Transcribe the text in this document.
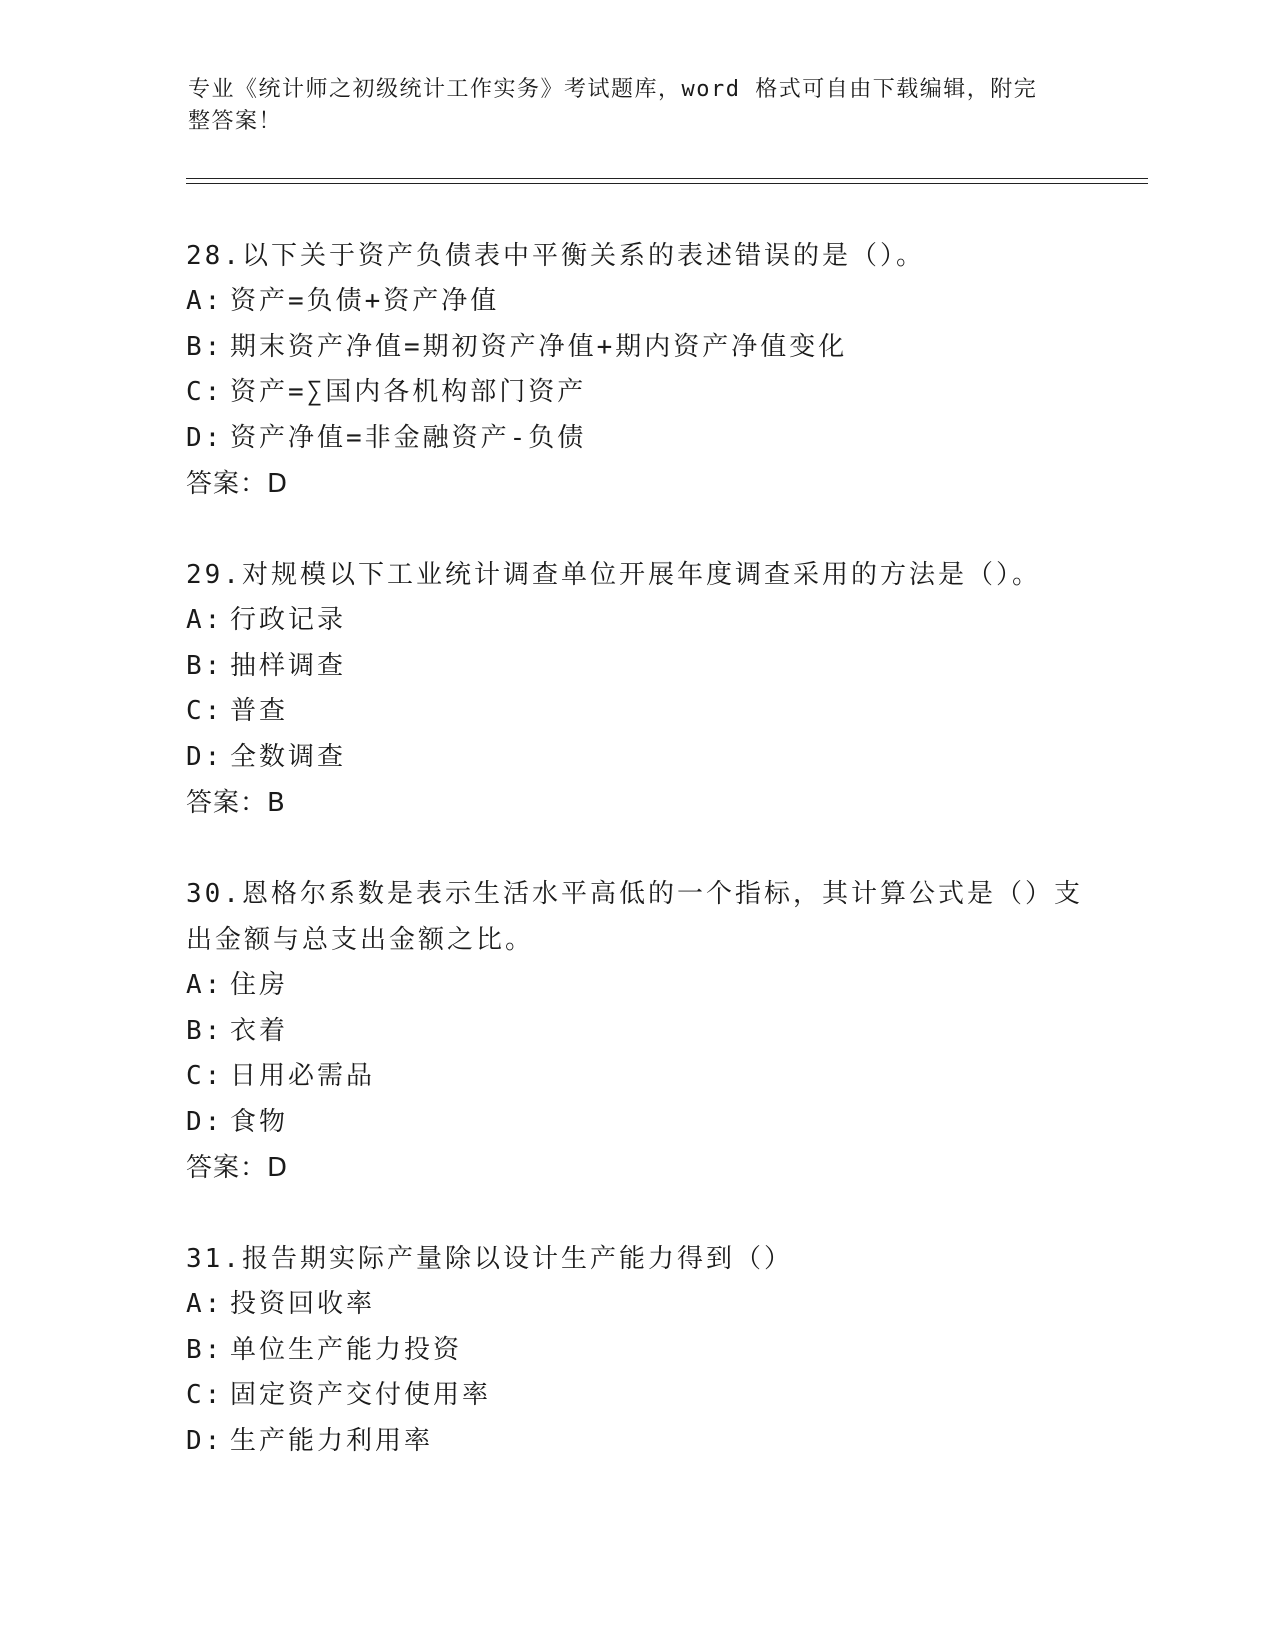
专业《统计师之初级统计工作实务》考试题库，word 格式可自由下载编辑，附完
整答案！

28.以下关于资产负债表中平衡关系的表述错误的是（）。

A: 资产=负债+资产净值

B: 期末资产净值=期初资产净值+期内资产净值变化

C: 资产=∑国内各机构部门资产

D: 资产净值=非金融资产-负债

答案：D

29.对规模以下工业统计调查单位开展年度调查采用的方法是（）。

A: 行政记录

B: 抽样调查

C: 普查

D: 全数调查

答案：B

30.恩格尔系数是表示生活水平高低的一个指标，其计算公式是（）支出金额与总支出金额之比。

A: 住房

B: 衣着

C: 日用必需品

D: 食物

答案：D

31.报告期实际产量除以设计生产能力得到（）

A: 投资回收率

B: 单位生产能力投资

C: 固定资产交付使用率

D: 生产能力利用率
